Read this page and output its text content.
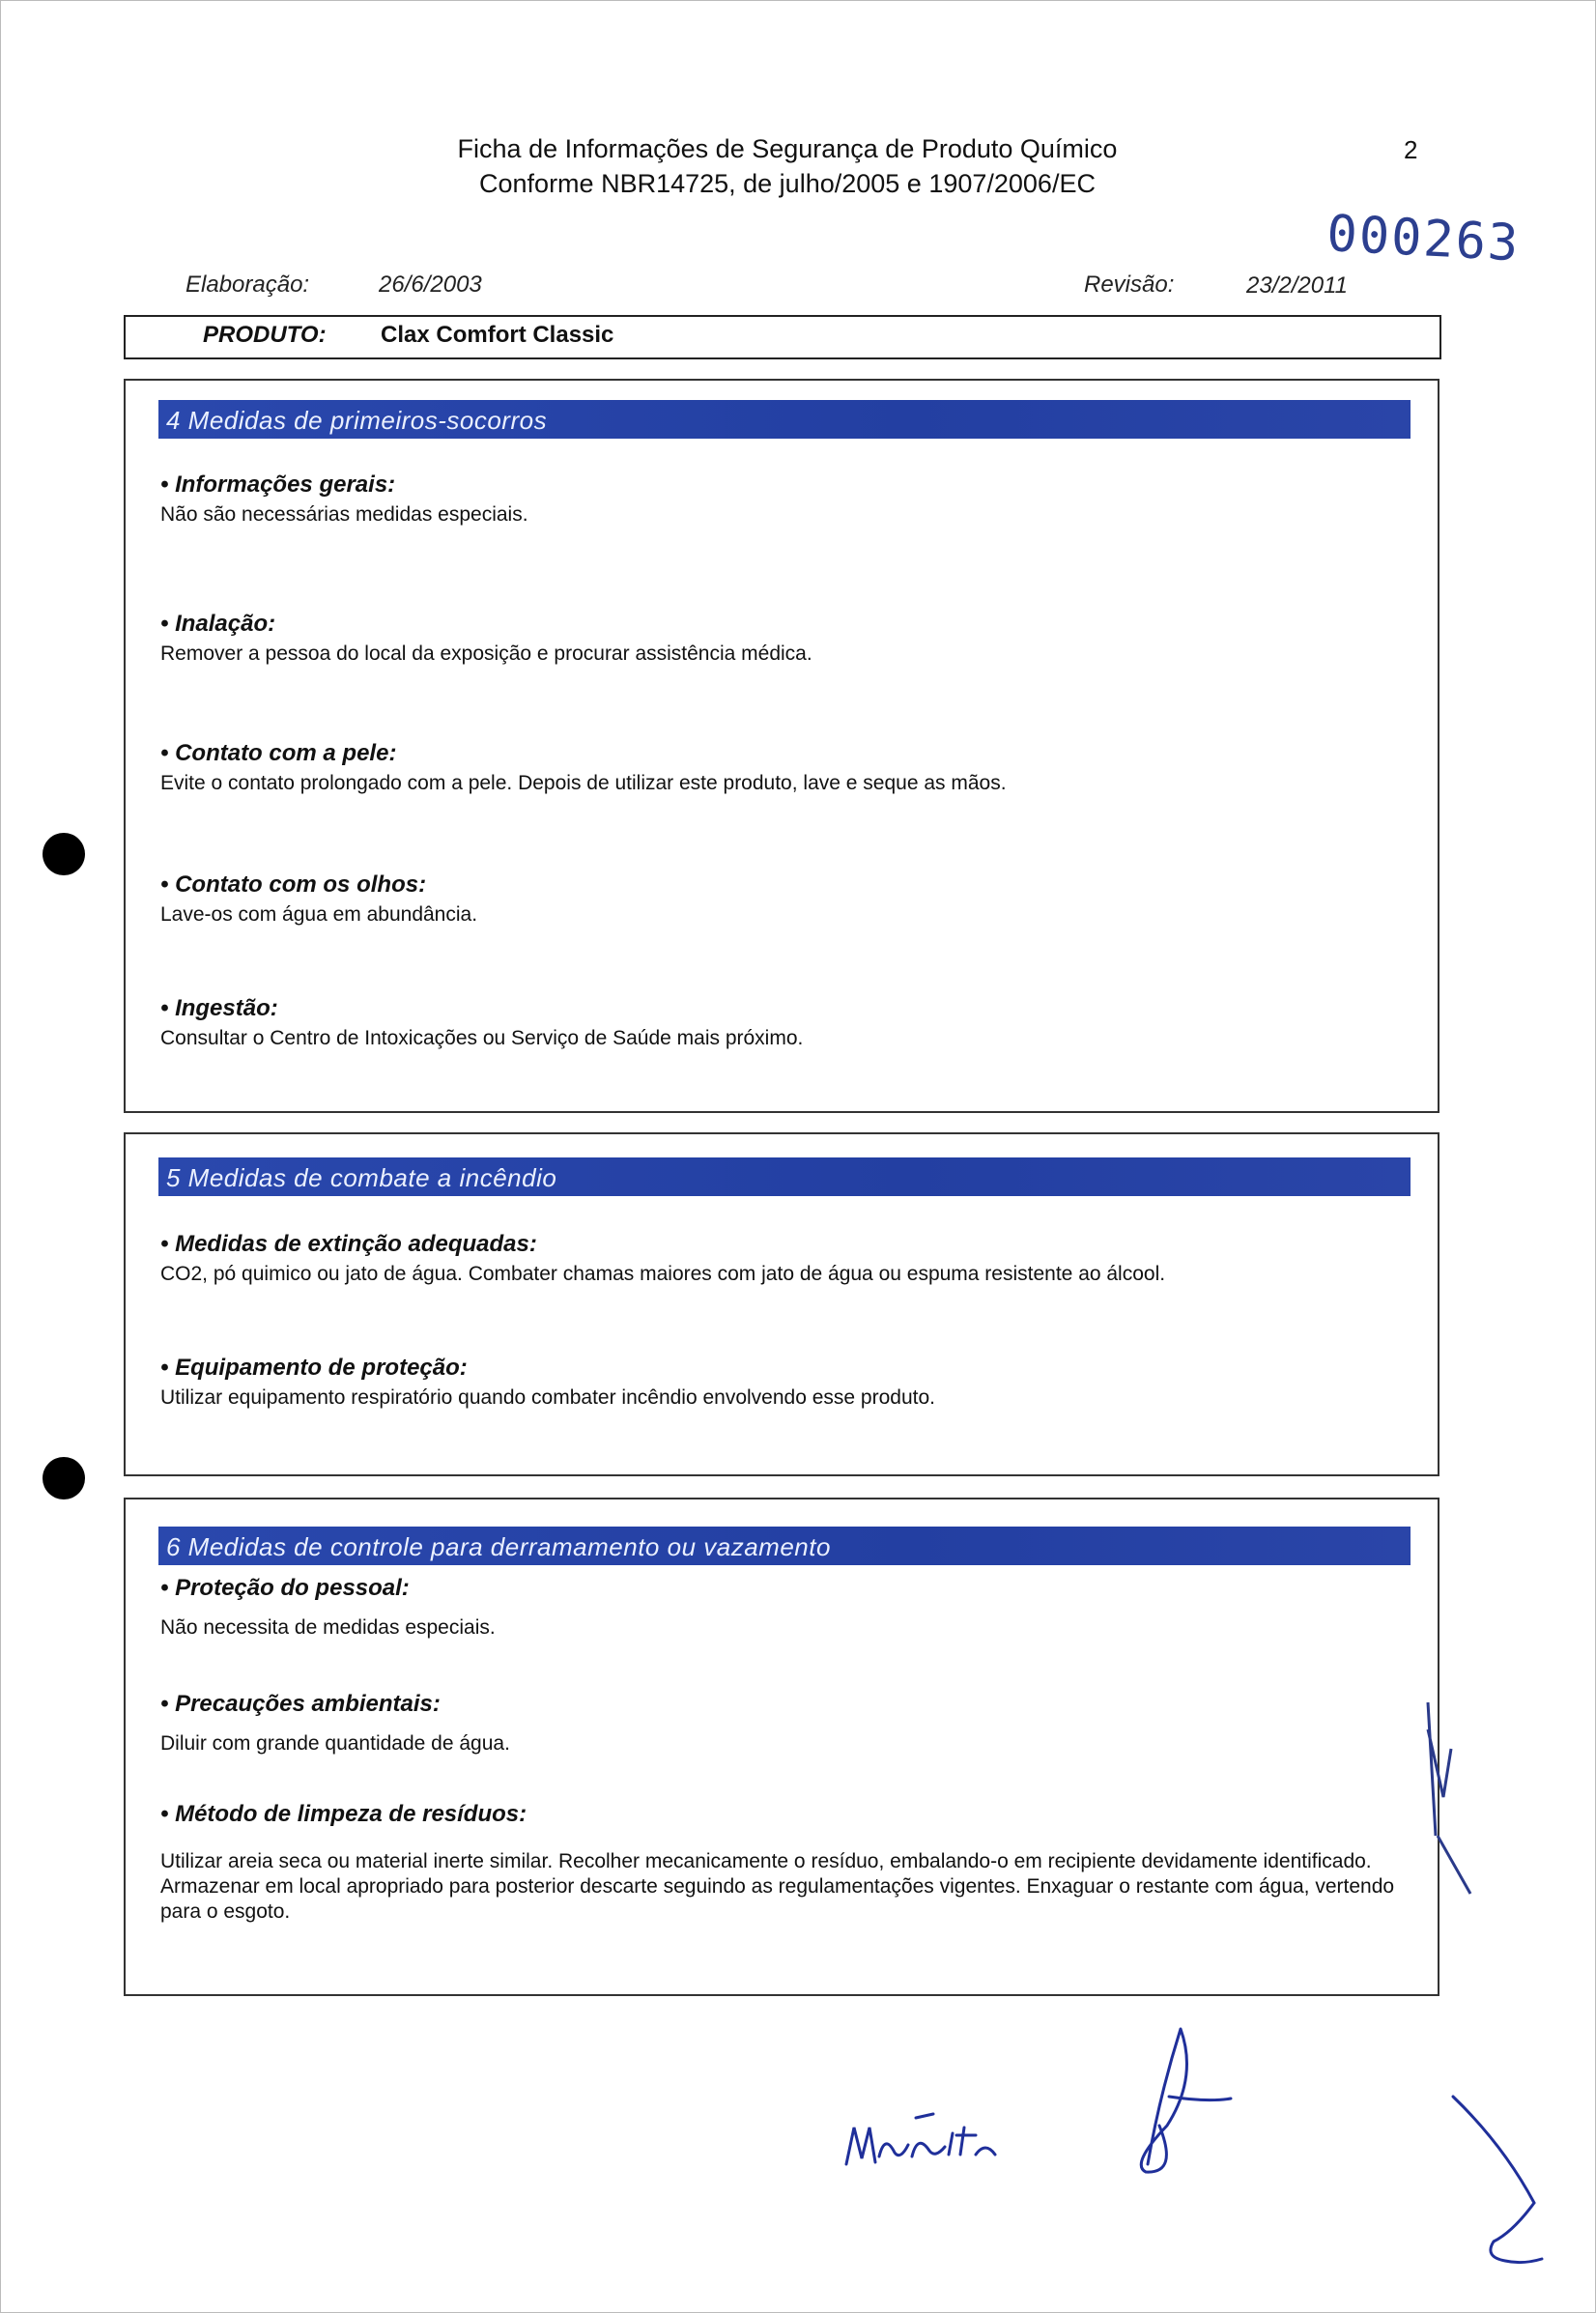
Ficha de Informações de Segurança de Produto Químico
Conforme NBR14725, de julho/2005 e 1907/2006/EC
2
000263
Elaboração:	26/6/2003	Revisão:	23/2/2011
PRODUTO: Clax Comfort Classic
4 Medidas de primeiros-socorros
• Informações gerais:
Não são necessárias medidas especiais.
• Inalação:
Remover a pessoa do local da exposição e procurar assistência médica.
• Contato com a pele:
Evite o contato prolongado com a pele. Depois de utilizar este produto, lave e seque as mãos.
• Contato com os olhos:
Lave-os com água em abundância.
• Ingestão:
Consultar o Centro de Intoxicações ou Serviço de Saúde mais próximo.
5 Medidas de combate a incêndio
• Medidas de extinção adequadas:
CO2, pó quimico ou jato de água. Combater chamas maiores com jato de água ou espuma resistente ao álcool.
• Equipamento de proteção:
Utilizar equipamento respiratório quando combater incêndio envolvendo esse produto.
6 Medidas de controle para derramamento ou vazamento
• Proteção do pessoal:
Não necessita de medidas especiais.
• Precauções ambientais:
Diluir com grande quantidade de água.
• Método de limpeza de resíduos:
Utilizar areia seca ou material inerte similar. Recolher mecanicamente o resíduo, embalando-o em recipiente devidamente identificado. Armazenar em local apropriado para posterior descarte seguindo as regulamentações vigentes. Enxaguar o restante com água, vertendo para o esgoto.
